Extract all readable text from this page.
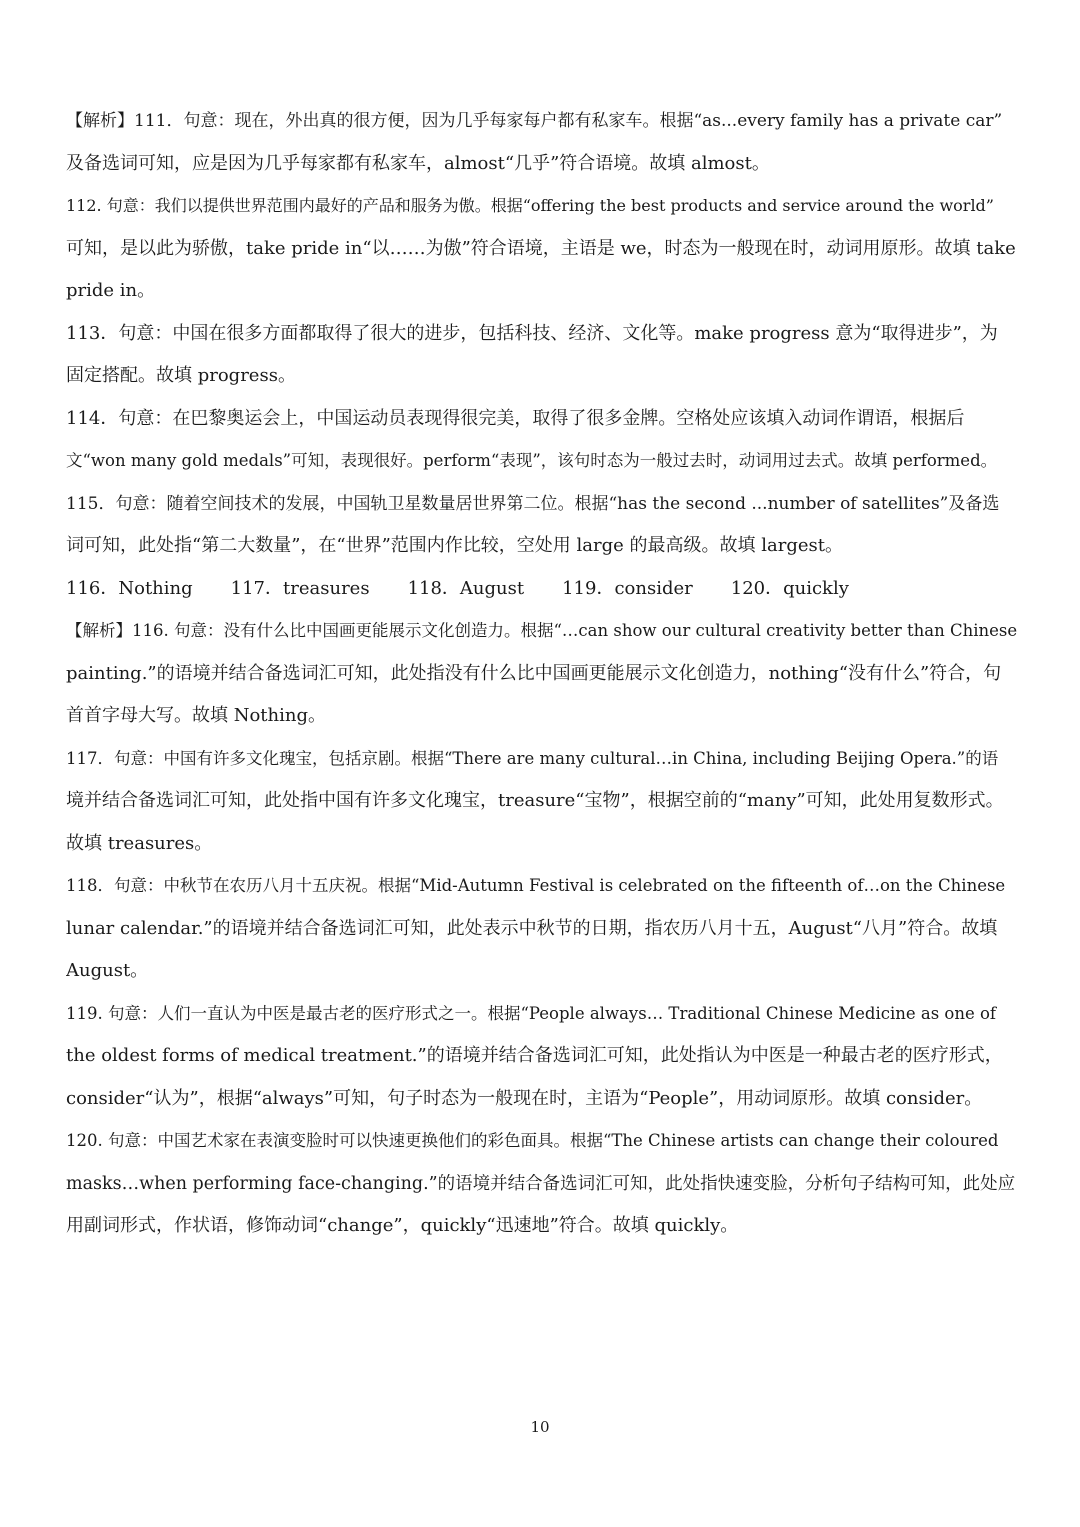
【解析】111．句意：现在，外出真的很方便，因为几乎每家每户都有私家车。根据“as...every family has a private car”
及备选词可知，应是因为几乎每家都有私家车，almost“几乎”符合语境。故填 almost。
112. 句意：我们以提供世界范围内最好的产品和服务为傲。根据“offering the best products and service around the world”
可知，是以此为骄傲，take pride in“以……为傲”符合语境，主语是 we，时态为一般现在时，动词用原形。故填 take
pride in。
113．句意：中国在很多方面都取得了很大的进步，包括科技、经济、文化等。make progress 意为“取得进步”，为
固定搭配。故填 progress。
114．句意：在巴黎奥运会上，中国运动员表现得很完美，取得了很多金牌。空格处应该填入动词作谓语，根据后
文“won many gold medals”可知，表现很好。perform“表现”，该句时态为一般过去时，动词用过去式。故填 performed。
115．句意：随着空间技术的发展，中国轨卫星数量居世界第二位。根据“has the second ...number of satellites”及备选
词可知，此处指“第二大数量”，在“世界”范围内作比较，空处用 large 的最高级。故填 largest。
116．Nothing 117．treasures 118．August 119．consider 120．quickly
【解析】116. 句意：没有什么比中国画更能展示文化创造力。根据“…can show our cultural creativity better than Chinese
painting.”的语境并结合备选词汇可知，此处指没有什么比中国画更能展示文化创造力，nothing“没有什么”符合，句
首首字母大写。故填 Nothing。
117．句意：中国有许多文化瑰宝，包括京剧。根据“There are many cultural…in China, including Beijing Opera.”的语
境并结合备选词汇可知，此处指中国有许多文化瑰宝，treasure“宝物”，根据空前的“many”可知，此处用复数形式。
故填 treasures。
118．句意：中秋节在农历八月十五庆祝。根据“Mid-Autumn Festival is celebrated on the fifteenth of…on the Chinese
lunar calendar.”的语境并结合备选词汇可知，此处表示中秋节的日期，指农历八月十五，August“八月”符合。故填
August。
119. 句意：人们一直认为中医是最古老的医疗形式之一。根据“People always… Traditional Chinese Medicine as one of
the oldest forms of medical treatment.”的语境并结合备选词汇可知，此处指认为中医是一种最古老的医疗形式，
consider“认为”，根据“always”可知，句子时态为一般现在时，主语为“People”，用动词原形。故填 consider。
120. 句意：中国艺术家在表演变脸时可以快速更换他们的彩色面具。根据“The Chinese artists can change their coloured
masks…when performing face-changing.”的语境并结合备选词汇可知，此处指快速变脸，分析句子结构可知，此处应
用副词形式，作状语，修饰动词“change”，quickly“迅速地”符合。故填 quickly。
10
